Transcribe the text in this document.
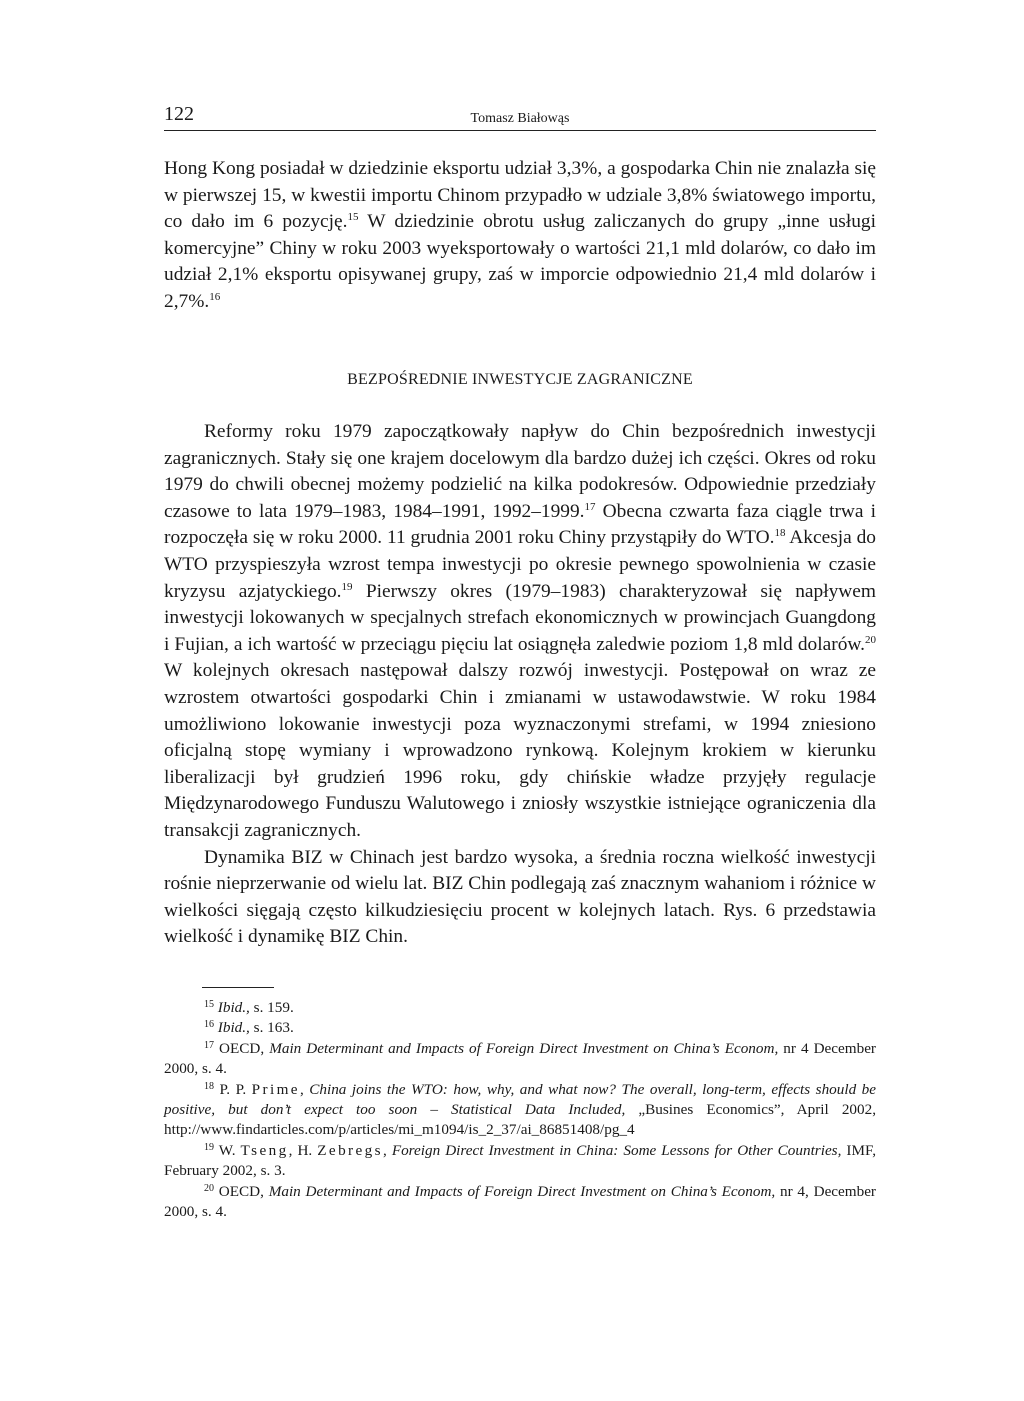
122	Tomasz Białowąs

Hong Kong posiadał w dziedzinie eksportu udział 3,3%, a gospodarka Chin nie znalazła się w pierwszej 15, w kwestii importu Chinom przypadło w udziale 3,8% światowego importu, co dało im 6 pozycję.$^{15}$ W dziedzinie obrotu usług zaliczanych do grupy „inne usługi komercyjne” Chiny w roku 2003 wyeksportowały o wartości 21,1 mld dolarów, co dało im udział 2,1% eksportu opisywanej grupy, zaś w imporcie odpowiednio 21,4 mld dolarów i 2,7%.$^{16}$

BEZPOŚREDNIE INWESTYCJE ZAGRANICZNE

Reformy roku 1979 zapoczątkowały napływ do Chin bezpośrednich inwestycji zagranicznych. Stały się one krajem docelowym dla bardzo dużej ich części. Okres od roku 1979 do chwili obecnej możemy podzielić na kilka podokresów. Odpowiednie przedziały czasowe to lata 1979–1983, 1984–1991, 1992–1999.17 Obecna czwarta faza ciągle trwa i rozpoczęła się w roku 2000. 11 grudnia 2001 roku Chiny przystąpiły do WTO.$^{18}$ Akcesja do WTO przyspieszyła wzrost tempa inwestycji po okresie pewnego spowolnienia w czasie kryzysu azjatyckiego.$^{19}$ Pierwszy okres (1979–1983) charakteryzował się napływem inwestycji lokowanych w specjalnych strefach ekonomicznych w prowincjach Guangdong i Fujian, a ich wartość w przeciągu pięciu lat osiągnęła zaledwie poziom 1,8 mld dolarów.$^{20}$ W kolejnych okresach następował dalszy rozwój inwestycji. Postępował on wraz ze wzrostem otwartości gospodarki Chin i zmianami w ustawodawstwie. W roku 1984 umożliwiono lokowanie inwestycji poza wyznaczonymi strefami, w 1994 zniesiono oficjalną stopę wymiany i wprowadzono rynkową. Kolejnym krokiem w kierunku liberalizacji był grudzień 1996 roku, gdy chińskie władze przyjęły regulacje Międzynarodowego Funduszu Walutowego i zniosły wszystkie istniejące ograniczenia dla transakcji zagranicznych.

Dynamika BIZ w Chinach jest bardzo wysoka, a średnia roczna wielkość inwestycji rośnie nieprzerwanie od wielu lat. BIZ Chin podlegają zaś znacznym wahaniom i różnice w wielkości sięgają często kilkudziesięciu procent w kolejnych latach. Rys. 6 przedstawia wielkość i dynamikę BIZ Chin.

$^{15}$ Ibid., s. 159.

$^{16}$ Ibid., s. 163.

$^{17}$ OECD, Main Determinant and Impacts of Foreign Direct Investment on China’s Econom, nr 4 December 2000, s. 4.

$^{18}$ P. P. Prime, China joins the WTO: how, why, and what now? The overall, long-term, effects should be positive, but don’t expect too soon – Statistical Data Included, „Busines Economics”, April 2002, http://www.findarticles.com/p/articles/mi_m1094/is_2_37/ai_86851408/pg_4

$^{19}$ W. Tseng, H. Zebregs, Foreign Direct Investment in China: Some Lessons for Other Countries, IMF, February 2002, s. 3.

$^{20}$ OECD, Main Determinant and Impacts of Foreign Direct Investment on China’s Econom, nr 4, December 2000, s. 4.
